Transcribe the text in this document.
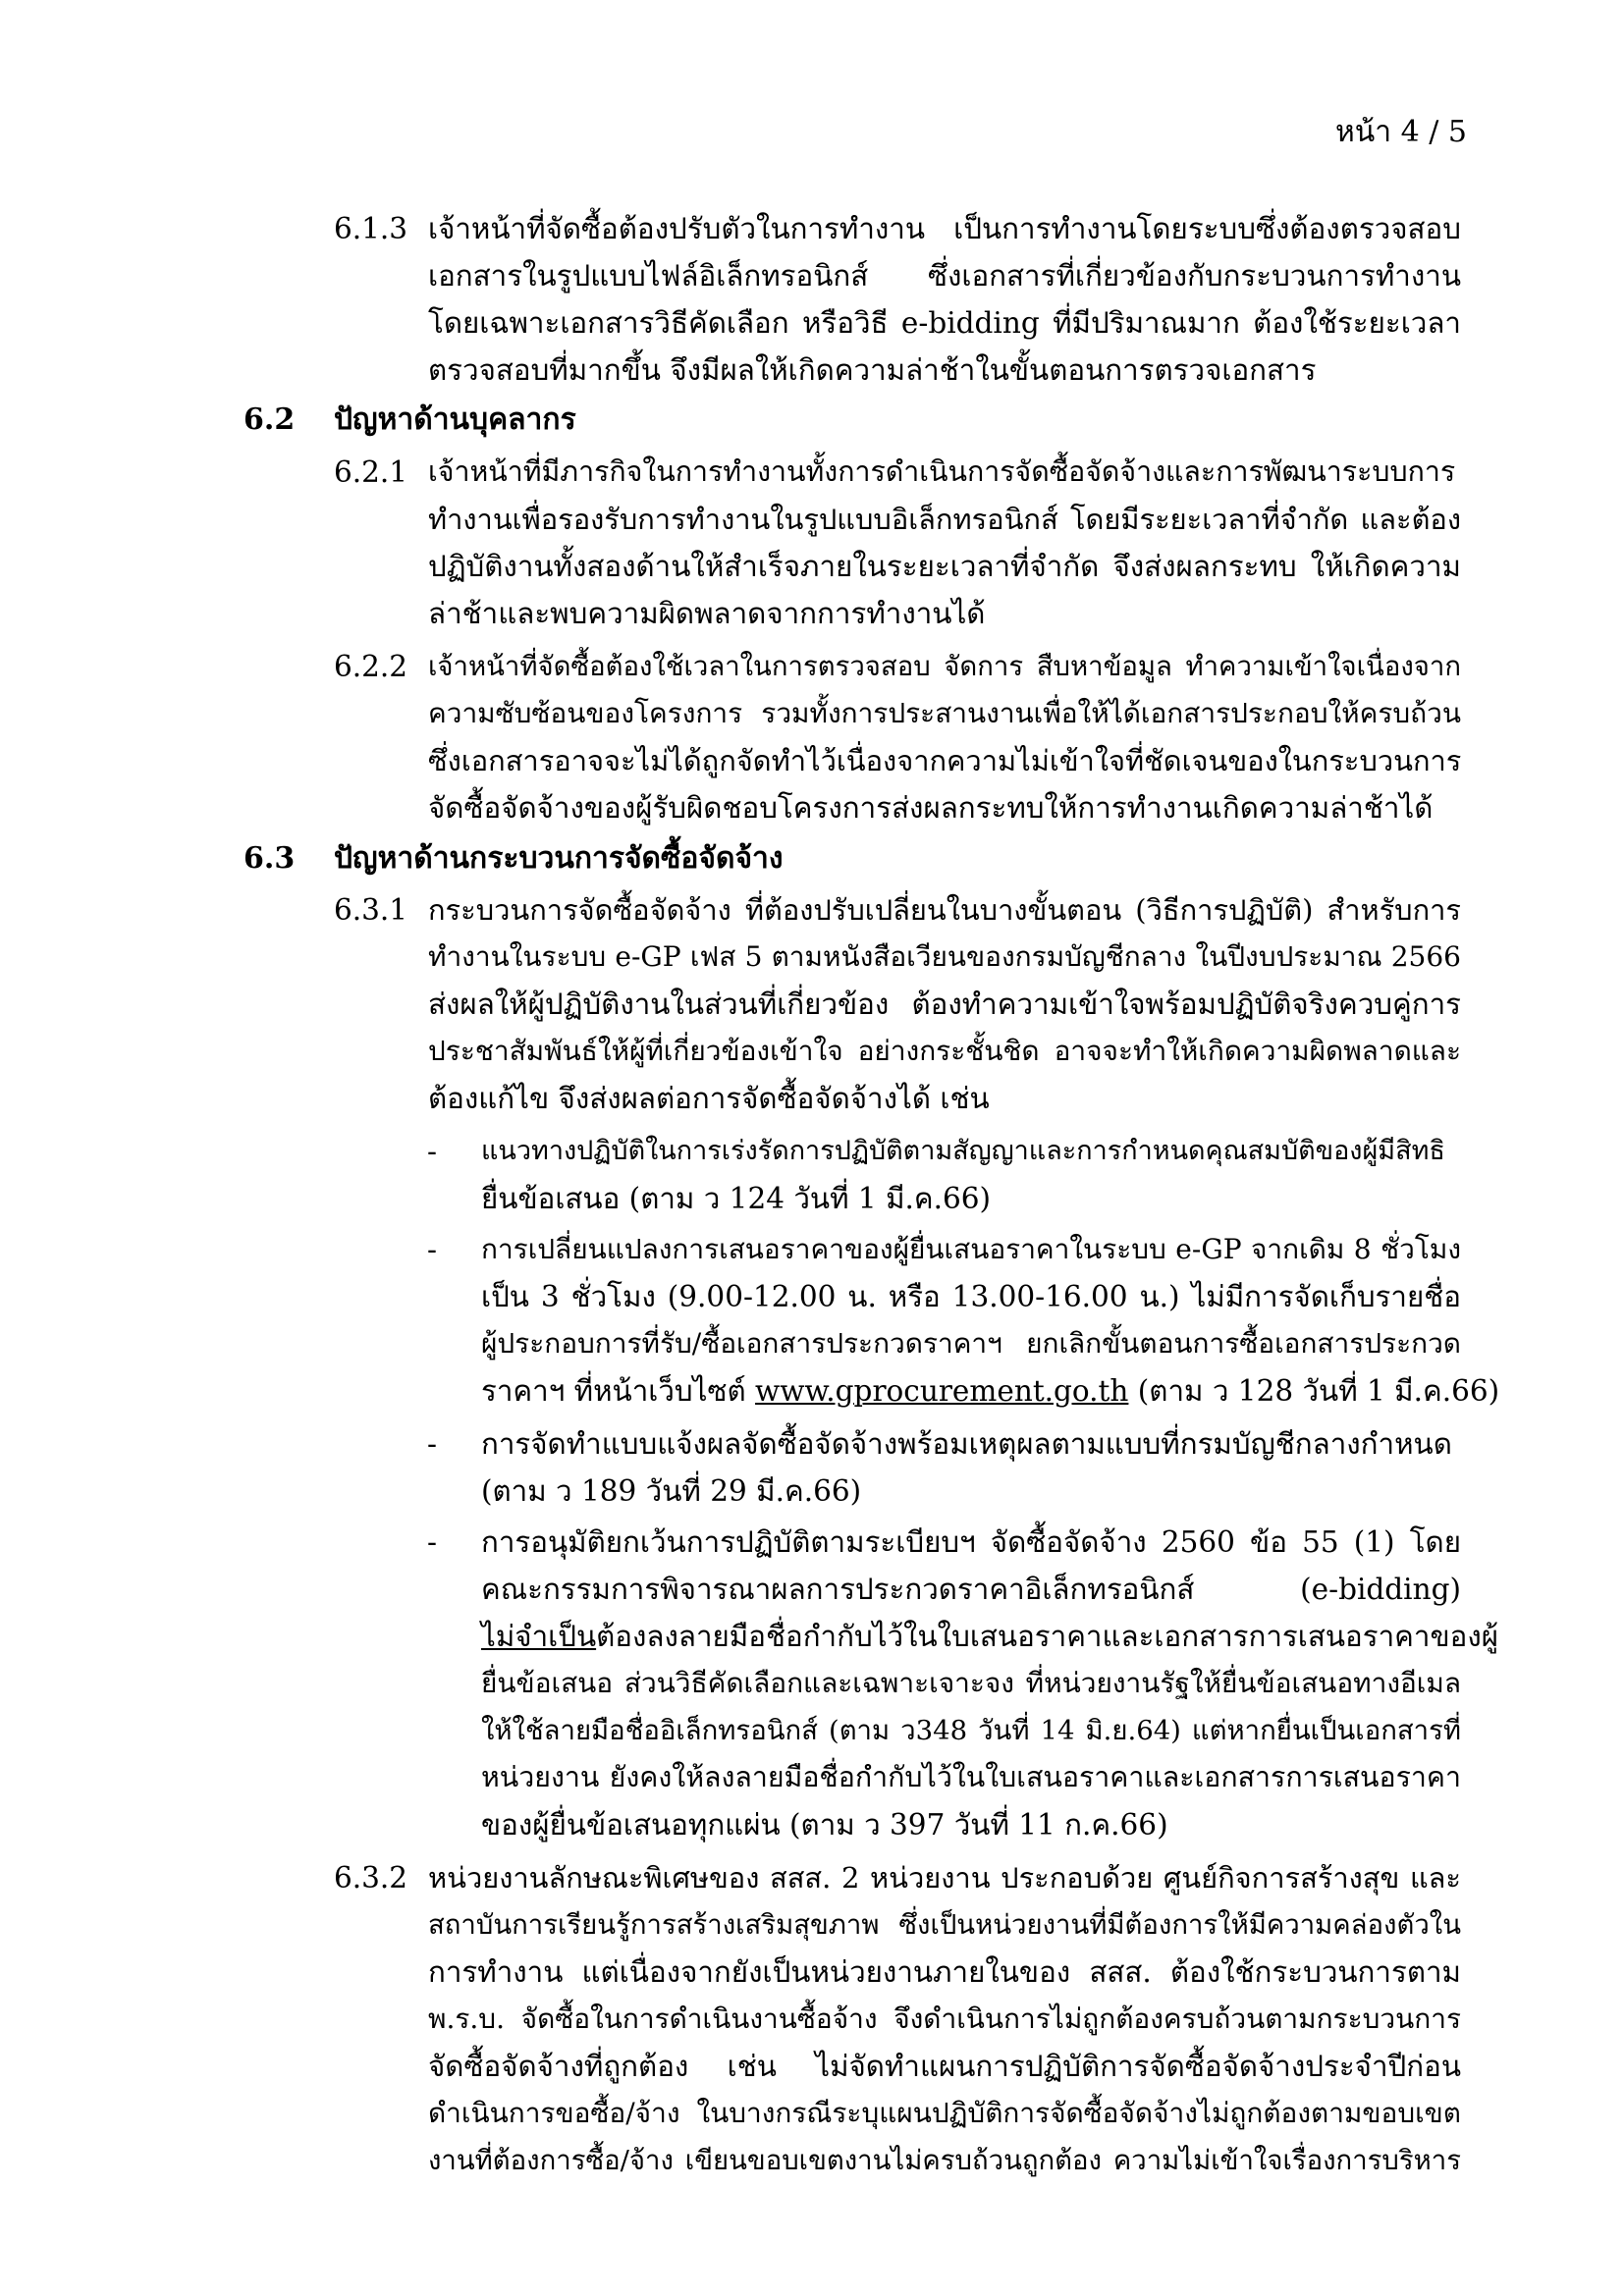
หน้า 4 / 5
6.1.3 เจ้าหน้าที่จัดซื้อต้องปรับตัวในการทำงาน เป็นการทำงานโดยระบบซึ่งต้องตรวจสอบ
เอกสารในรูปแบบไฟล์อิเล็กทรอนิกส์ ซึ่งเอกสารที่เกี่ยวข้องกับกระบวนการทำงาน
โดยเฉพาะเอกสารวิธีคัดเลือก หรือวิธี e-bidding ที่มีปริมาณมาก ต้องใช้ระยะเวลา
ตรวจสอบที่มากขึ้น จึงมีผลให้เกิดความล่าช้าในขั้นตอนการตรวจเอกสาร
6.2 ปัญหาด้านบุคลากร
6.2.1 เจ้าหน้าที่มีภารกิจในการทำงานทั้งการดำเนินการจัดซื้อจัดจ้างและการพัฒนาระบบการ
ทำงานเพื่อรองรับการทำงานในรูปแบบอิเล็กทรอนิกส์ โดยมีระยะเวลาที่จำกัด และต้อง
ปฏิบัติงานทั้งสองด้านให้สำเร็จภายในระยะเวลาที่จำกัด จึงส่งผลกระทบ ให้เกิดความ
ล่าช้าและพบความผิดพลาดจากการทำงานได้
6.2.2 เจ้าหน้าที่จัดซื้อต้องใช้เวลาในการตรวจสอบ จัดการ สืบหาข้อมูล ทำความเข้าใจเนื่องจาก
ความซับซ้อนของโครงการ รวมทั้งการประสานงานเพื่อให้ได้เอกสารประกอบให้ครบถ้วน
ซึ่งเอกสารอาจจะไม่ได้ถูกจัดทำไว้เนื่องจากความไม่เข้าใจที่ชัดเจนของในกระบวนการ
จัดซื้อจัดจ้างของผู้รับผิดชอบโครงการส่งผลกระทบให้การทำงานเกิดความล่าช้าได้
6.3 ปัญหาด้านกระบวนการจัดซื้อจัดจ้าง
6.3.1 กระบวนการจัดซื้อจัดจ้าง ที่ต้องปรับเปลี่ยนในบางขั้นตอน (วิธีการปฏิบัติ) สำหรับการ
ทำงานในระบบ e-GP เฟส 5 ตามหนังสือเวียนของกรมบัญชีกลาง ในปีงบประมาณ 2566
ส่งผลให้ผู้ปฏิบัติงานในส่วนที่เกี่ยวข้อง ต้องทำความเข้าใจพร้อมปฏิบัติจริงควบคู่การ
ประชาสัมพันธ์ให้ผู้ที่เกี่ยวข้องเข้าใจ อย่างกระชั้นชิด อาจจะทำให้เกิดความผิดพลาดและ
ต้องแก้ไข จึงส่งผลต่อการจัดซื้อจัดจ้างได้ เช่น
- แนวทางปฏิบัติในการเร่งรัดการปฏิบัติตามสัญญาและการกำหนดคุณสมบัติของผู้มีสิทธิ
ยื่นข้อเสนอ (ตาม ว 124 วันที่ 1 มี.ค.66)
- การเปลี่ยนแปลงการเสนอราคาของผู้ยื่นเสนอราคาในระบบ e-GP จากเดิม 8 ชั่วโมง
เป็น 3 ชั่วโมง (9.00-12.00 น. หรือ 13.00-16.00 น.) ไม่มีการจัดเก็บรายชื่อ
ผู้ประกอบการที่รับ/ซื้อเอกสารประกวดราคาฯ ยกเลิกขั้นตอนการซื้อเอกสารประกวด
ราคาฯ ที่หน้าเว็บไซต์ www.gprocurement.go.th (ตาม ว 128 วันที่ 1 มี.ค.66)
- การจัดทำแบบแจ้งผลจัดซื้อจัดจ้างพร้อมเหตุผลตามแบบที่กรมบัญชีกลางกำหนด
(ตาม ว 189 วันที่ 29 มี.ค.66)
- การอนุมัติยกเว้นการปฏิบัติตามระเบียบฯ จัดซื้อจัดจ้าง 2560 ข้อ 55 (1) โดย
คณะกรรมการพิจารณาผลการประกวดราคาอิเล็กทรอนิกส์ (e-bidding)
ไม่จำเป็นต้องลงลายมือชื่อกำกับไว้ในใบเสนอราคาและเอกสารการเสนอราคาของผู้
ยื่นข้อเสนอ ส่วนวิธีคัดเลือกและเฉพาะเจาะจง ที่หน่วยงานรัฐให้ยื่นข้อเสนอทางอีเมล
ให้ใช้ลายมือชื่ออิเล็กทรอนิกส์ (ตาม ว348 วันที่ 14 มิ.ย.64) แต่หากยื่นเป็นเอกสารที่
หน่วยงาน ยังคงให้ลงลายมือชื่อกำกับไว้ในใบเสนอราคาและเอกสารการเสนอราคา
ของผู้ยื่นข้อเสนอทุกแผ่น (ตาม ว 397 วันที่ 11 ก.ค.66)
6.3.2 หน่วยงานลักษณะพิเศษของ สสส. 2 หน่วยงาน ประกอบด้วย ศูนย์กิจการสร้างสุข และ
สถาบันการเรียนรู้การสร้างเสริมสุขภาพ ซึ่งเป็นหน่วยงานที่มีต้องการให้มีความคล่องตัวใน
การทำงาน แต่เนื่องจากยังเป็นหน่วยงานภายในของ สสส. ต้องใช้กระบวนการตาม
พ.ร.บ. จัดซื้อในการดำเนินงานซื้อจ้าง จึงดำเนินการไม่ถูกต้องครบถ้วนตามกระบวนการ
จัดซื้อจัดจ้างที่ถูกต้อง เช่น ไม่จัดทำแผนการปฏิบัติการจัดซื้อจัดจ้างประจำปีก่อน
ดำเนินการขอซื้อ/จ้าง ในบางกรณีระบุแผนปฏิบัติการจัดซื้อจัดจ้างไม่ถูกต้องตามขอบเขต
งานที่ต้องการซื้อ/จ้าง เขียนขอบเขตงานไม่ครบถ้วนถูกต้อง ความไม่เข้าใจเรื่องการบริหาร
